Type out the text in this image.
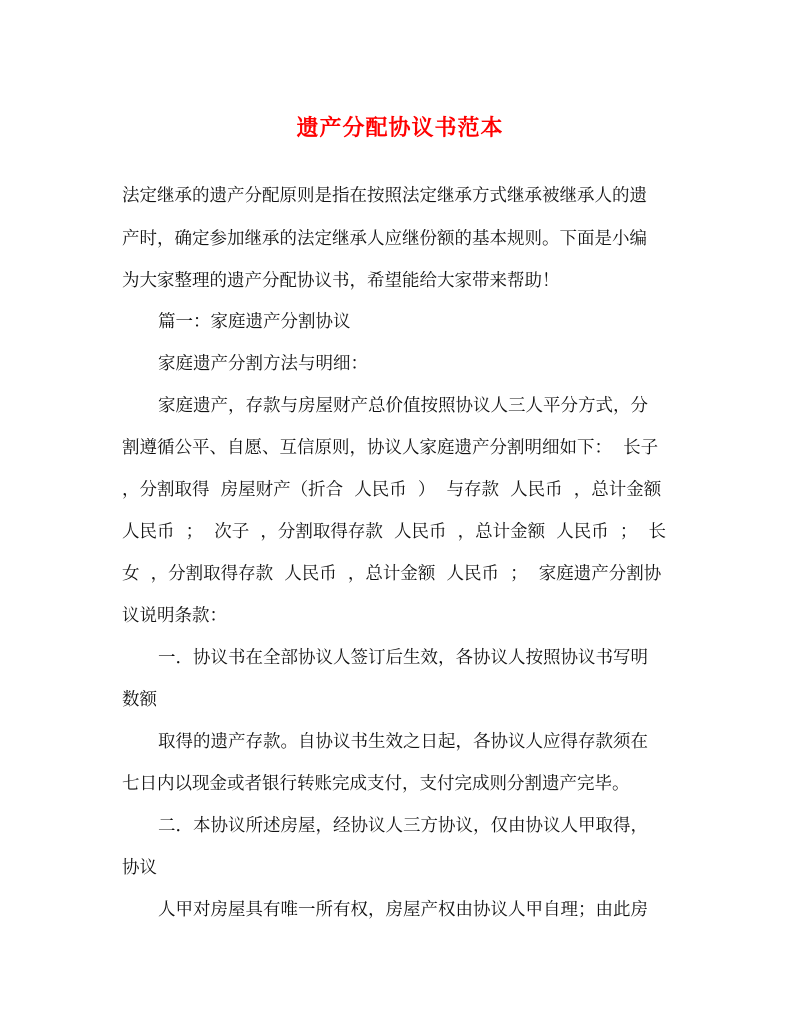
遗产分配协议书范本

法定继承的遗产分配原则是指在按照法定继承方式继承被继承人的遗

产时，确定参加继承的法定继承人应继份额的基本规则。下面是小编

为大家整理的遗产分配协议书，希望能给大家带来帮助！

篇一：家庭遗产分割协议

家庭遗产分割方法与明细：

家庭遗产，存款与房屋财产总价值按照协议人三人平分方式，分

割遵循公平、自愿、互信原则，协议人家庭遗产分割明细如下：  长子

，分割取得  房屋财产（折合  人民币  ）  与存款  人民币  ，总计金额

人民币  ；  次子  ，分割取得存款  人民币  ，总计金额  人民币  ；  长

女  ，分割取得存款  人民币  ，总计金额  人民币  ；  家庭遗产分割协

议说明条款：

一．协议书在全部协议人签订后生效，各协议人按照协议书写明

数额

取得的遗产存款。自协议书生效之日起，各协议人应得存款须在

七日内以现金或者银行转账完成支付，支付完成则分割遗产完毕。

二．本协议所述房屋，经协议人三方协议，仅由协议人甲取得，

协议

人甲对房屋具有唯一所有权，房屋产权由协议人甲自理；由此房
